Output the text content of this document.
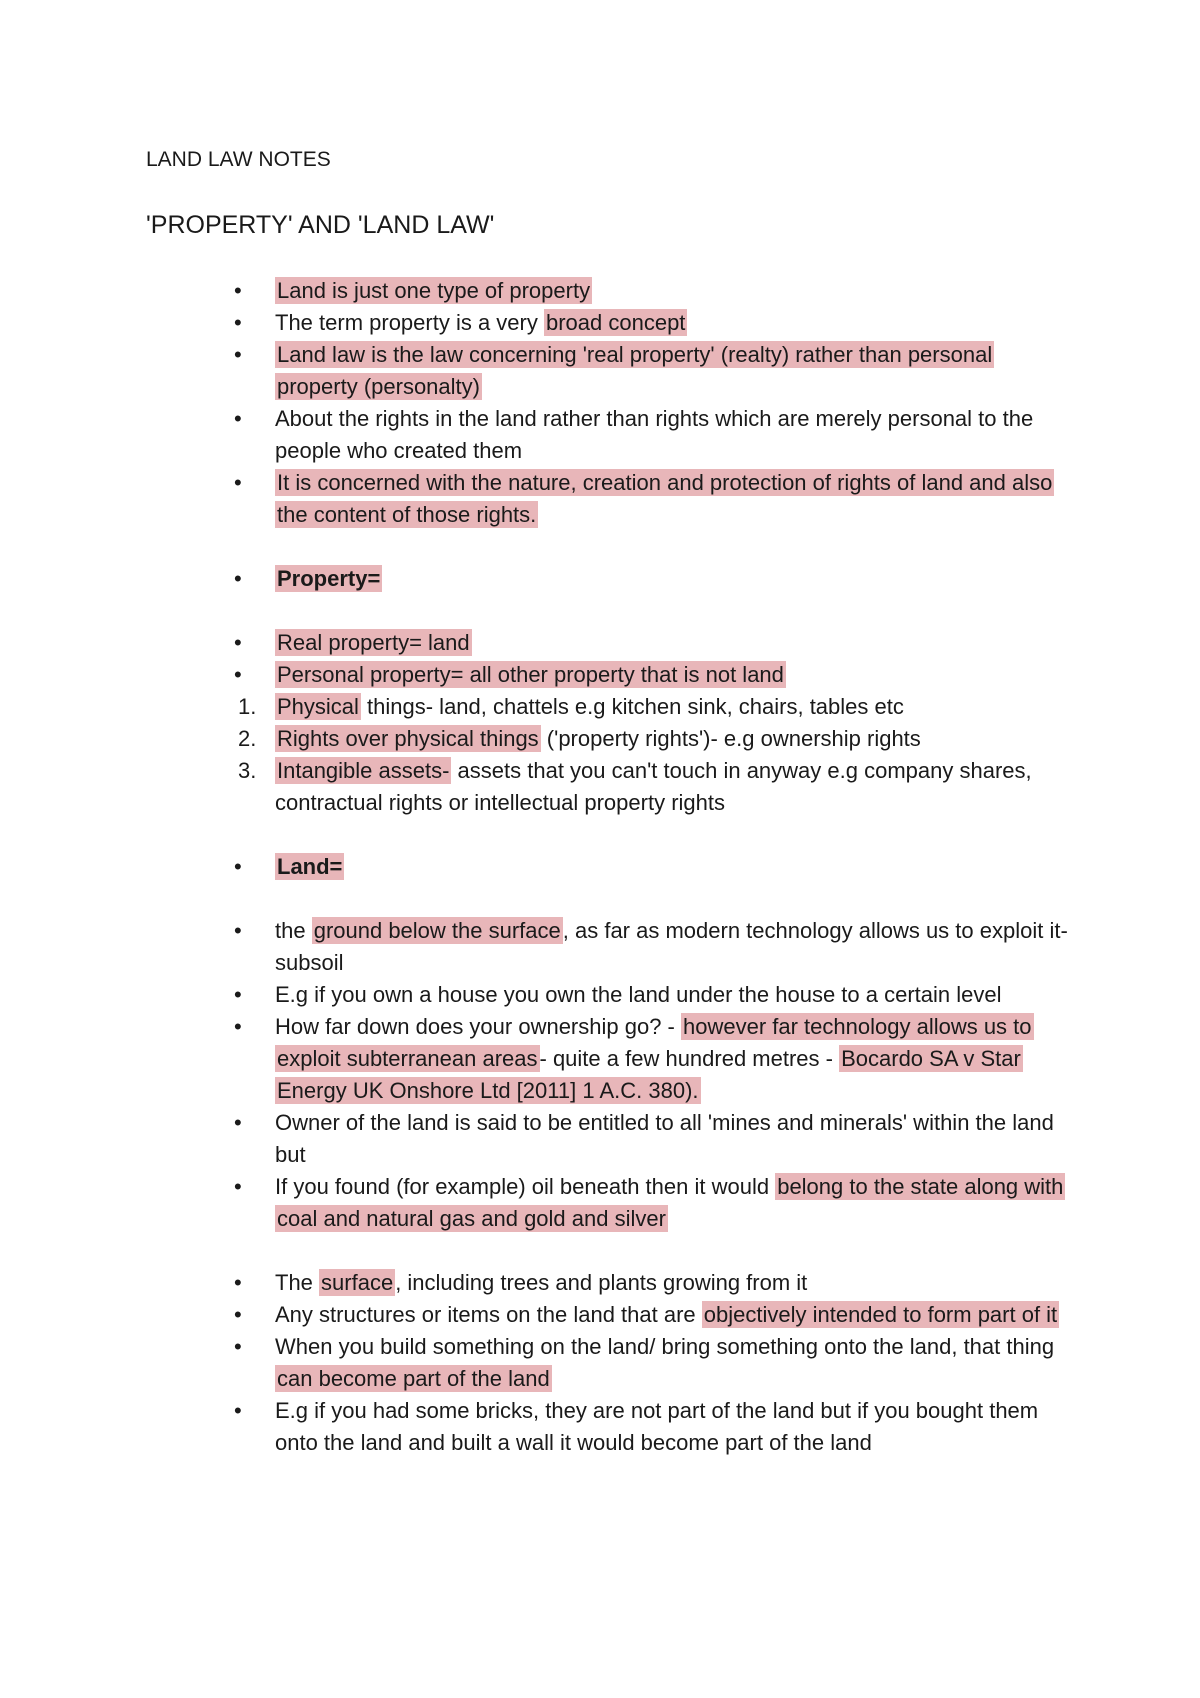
LAND LAW NOTES
'PROPERTY' AND 'LAND LAW'

•
Land is just one type of property

•
The term property is a very broad concept

•
Land law is the law concerning 'real property' (realty) rather than personal property (personalty)

•
About the rights in the land rather than rights which are merely personal to the people who created them

•
It is concerned with the nature, creation and protection of rights of land and also the content of those rights.

•
Property=

•
Real property= land

•
Personal property= all other property that is not land

1. Physical things- land, chattels e.g kitchen sink, chairs, tables etc

2. Rights over physical things ('property rights')- e.g ownership rights

3. Intangible assets- assets that you can't touch in anyway e.g company shares, contractual rights or intellectual property rights

•
Land=

•
the ground below the surface, as far as modern technology allows us to exploit it- subsoil

•
E.g if you own a house you own the land under the house to a certain level

•
How far down does your ownership go? - however far technology allows us to exploit subterranean areas- quite a few hundred metres - Bocardo SA v Star Energy UK Onshore Ltd [2011] 1 A.C. 380).

•
Owner of the land is said to be entitled to all 'mines and minerals' within the land but

•
If you found (for example) oil beneath then it would belong to the state along with coal and natural gas and gold and silver

•
The surface, including trees and plants growing from it

•
Any structures or items on the land that are objectively intended to form part of it

•
When you build something on the land/ bring something onto the land, that thing can become part of the land

•
E.g if you had some bricks, they are not part of the land but if you bought them onto the land and built a wall it would become part of the land
